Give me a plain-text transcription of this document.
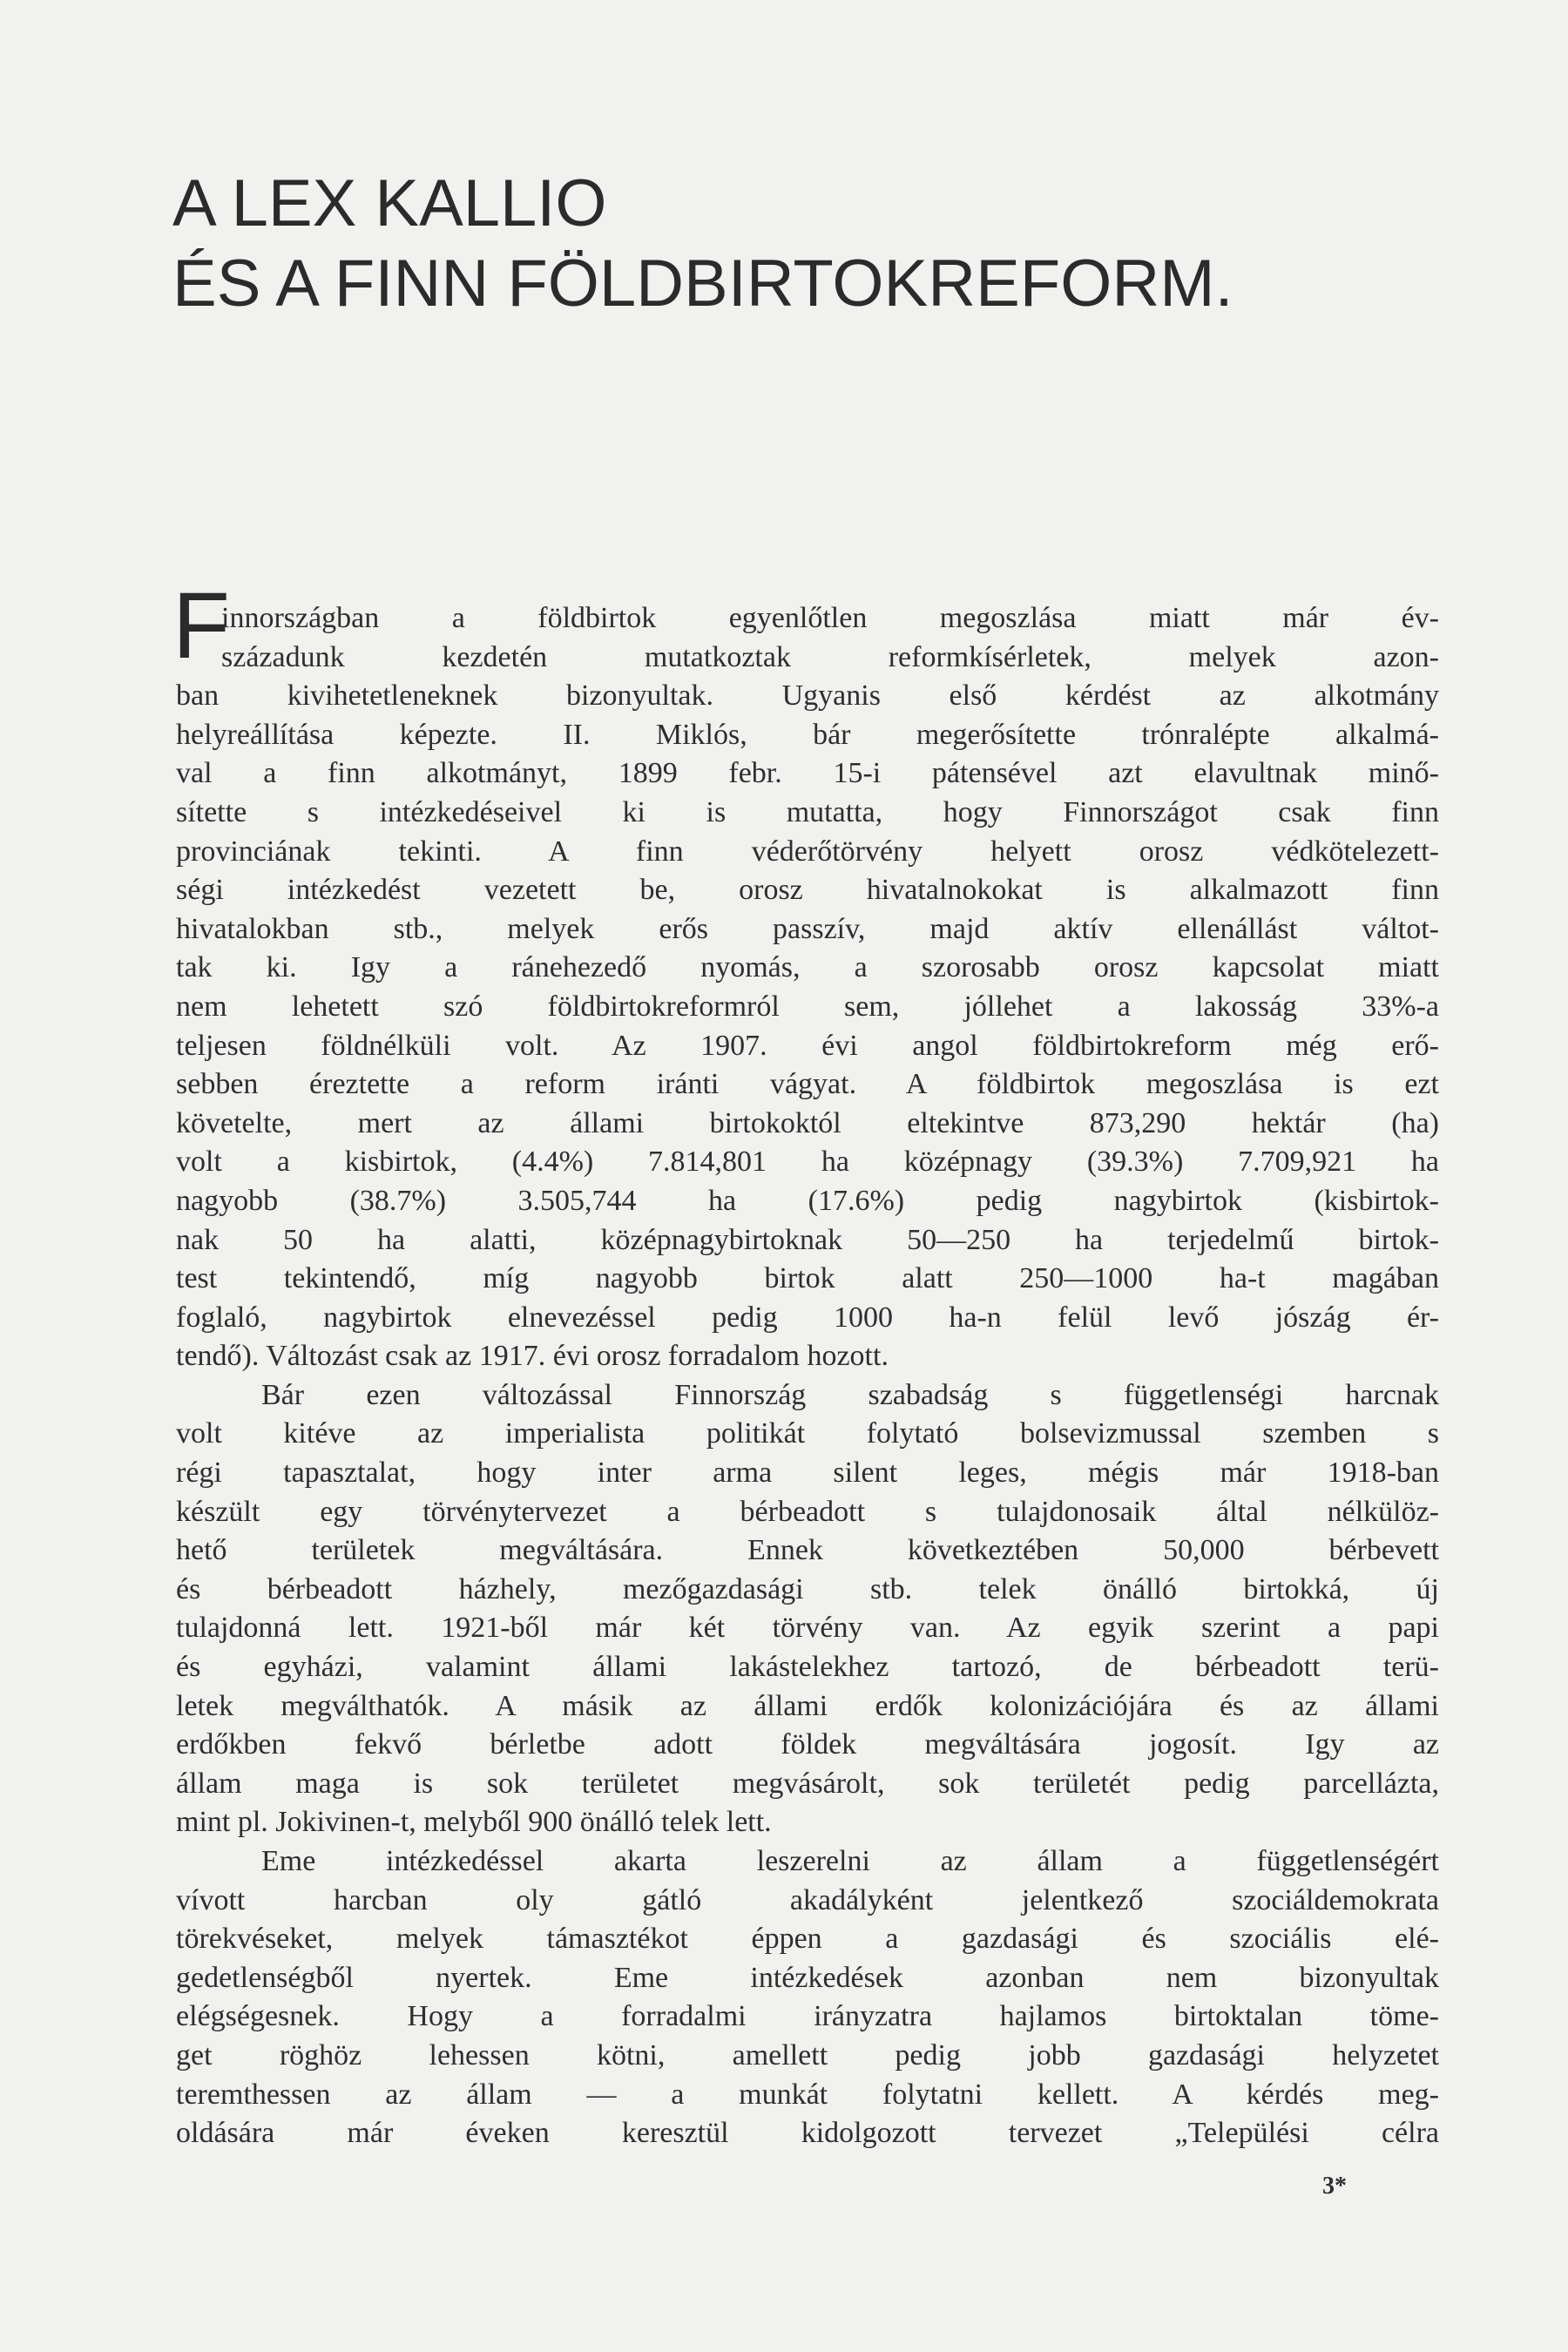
A LEX KALLIO
ÉS A FINN FÖLDBIRTOKREFORM.
F
innországban a földbirtok egyenlőtlen megoszlása miatt már év-
századunk kezdetén mutatkoztak reformkísérletek, melyek azon-
ban kivihetetleneknek bizonyultak. Ugyanis első kérdést az alkotmány
helyreállítása képezte. II. Miklós, bár megerősítette trónralépte alkalmá-
val a finn alkotmányt, 1899 febr. 15-i pátensével azt elavultnak minő-
sítette s intézkedéseivel ki is mutatta, hogy Finnországot csak finn
provinciának tekinti. A finn véderőtörvény helyett orosz védkötelezett-
ségi intézkedést vezetett be, orosz hivatalnokokat is alkalmazott finn
hivatalokban stb., melyek erős passzív, majd aktív ellenállást váltot-
tak ki. Igy a ránehezedő nyomás, a szorosabb orosz kapcsolat miatt
nem lehetett szó földbirtokreformról sem, jóllehet a lakosság 33%-a
teljesen földnélküli volt. Az 1907. évi angol földbirtokreform még erő-
sebben éreztette a reform iránti vágyat. A földbirtok megoszlása is ezt
követelte, mert az állami birtokoktól eltekintve 873,290 hektár (ha)
volt a kisbirtok, (4.4%) 7.814,801 ha középnagy (39.3%) 7.709,921 ha
nagyobb (38.7%) 3.505,744 ha (17.6%) pedig nagybirtok (kisbirtok-
nak 50 ha alatti, középnagybirtoknak 50—250 ha terjedelmű birtok-
test tekintendő, míg nagyobb birtok alatt 250—1000 ha-t magában
foglaló, nagybirtok elnevezéssel pedig 1000 ha-n felül levő jószág ér-
tendő). Változást csak az 1917. évi orosz forradalom hozott.
Bár ezen változással Finnország szabadság s függetlenségi harcnak
volt kitéve az imperialista politikát folytató bolsevizmussal szemben s
régi tapasztalat, hogy inter arma silent leges, mégis már 1918-ban
készült egy törvénytervezet a bérbeadott s tulajdonosaik által nélkülöz-
hető területek megváltására. Ennek következtében 50,000 bérbevett
és bérbeadott házhely, mezőgazdasági stb. telek önálló birtokká, új
tulajdonná lett. 1921-ből már két törvény van. Az egyik szerint a papi
és egyházi, valamint állami lakástelekhez tartozó, de bérbeadott terü-
letek megválthatók. A másik az állami erdők kolonizációjára és az állami
erdőkben fekvő bérletbe adott földek megváltására jogosít. Igy az
állam maga is sok területet megvásárolt, sok területét pedig parcellázta,
mint pl. Jokivinen-t, melyből 900 önálló telek lett.
Eme intézkedéssel akarta leszerelni az állam a függetlenségért
vívott harcban oly gátló akadályként jelentkező szociáldemokrata
törekvéseket, melyek támasztékot éppen a gazdasági és szociális elé-
gedetlenségből nyertek. Eme intézkedések azonban nem bizonyultak
elégségesnek. Hogy a forradalmi irányzatra hajlamos birtoktalan töme-
get röghöz lehessen kötni, amellett pedig jobb gazdasági helyzetet
teremthessen az állam — a munkát folytatni kellett. A kérdés meg-
oldására már éveken keresztül kidolgozott tervezet „Települési célra
3*
